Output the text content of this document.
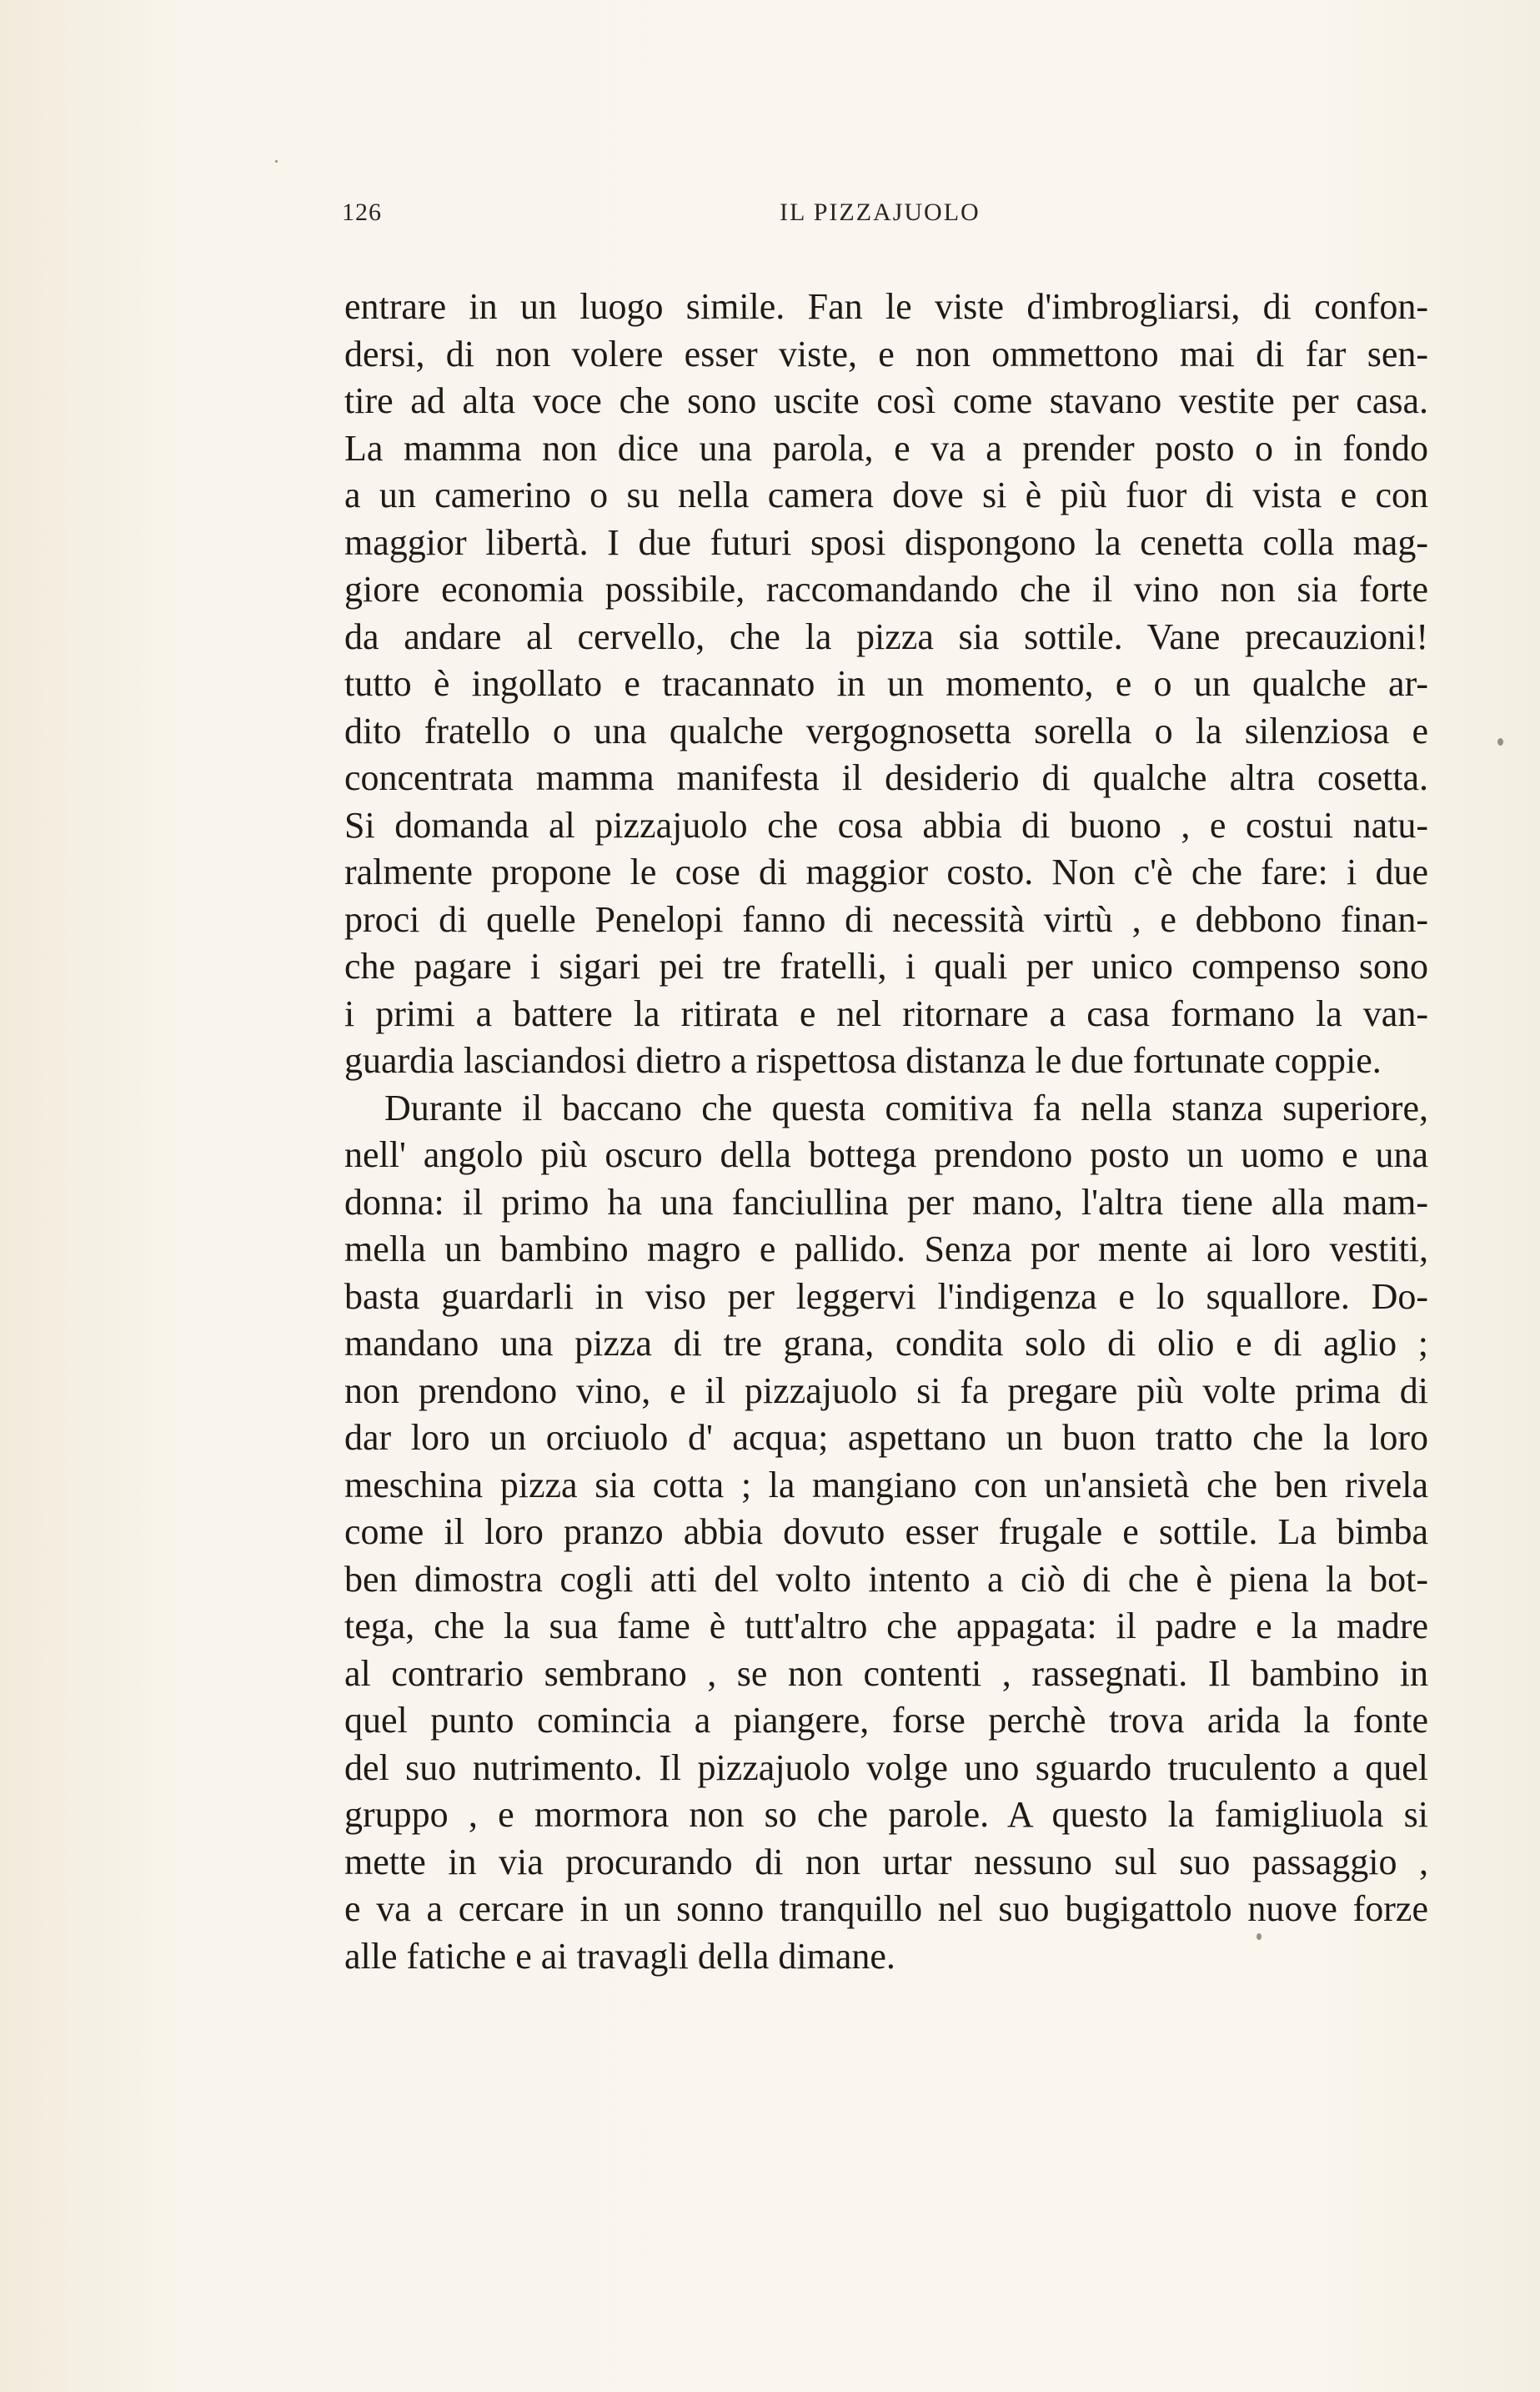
126	IL PIZZAJUOLO
entrare in un luogo simile. Fan le viste d'imbrogliarsi, di confon-
dersi, di non volere esser viste, e non ommettono mai di far sen-
tire ad alta voce che sono uscite così come stavano vestite per casa.
La mamma non dice una parola, e va a prender posto o in fondo
a un camerino o su nella camera dove si è più fuor di vista e con
maggior libertà. I due futuri sposi dispongono la cenetta colla mag-
giore economia possibile, raccomandando che il vino non sia forte
da andare al cervello, che la pizza sia sottile. Vane precauzioni!
tutto è ingollato e tracannato in un momento, e o un qualche ar-
dito fratello o una qualche vergognosetta sorella o la silenziosa e
concentrata mamma manifesta il desiderio di qualche altra cosetta.
Si domanda al pizzajuolo che cosa abbia di buono , e costui natu-
ralmente propone le cose di maggior costo. Non c'è che fare: i due
proci di quelle Penelopi fanno di necessità virtù , e debbono finan-
che pagare i sigari pei tre fratelli, i quali per unico compenso sono
i primi a battere la ritirata e nel ritornare a casa formano la van-
guardia lasciandosi dietro a rispettosa distanza le due fortunate coppie.
Durante il baccano che questa comitiva fa nella stanza superiore,
nell' angolo più oscuro della bottega prendono posto un uomo e una
donna: il primo ha una fanciullina per mano, l'altra tiene alla mam-
mella un bambino magro e pallido. Senza por mente ai loro vestiti,
basta guardarli in viso per leggervi l'indigenza e lo squallore. Do-
mandano una pizza di tre grana, condita solo di olio e di aglio ;
non prendono vino, e il pizzajuolo si fa pregare più volte prima di
dar loro un orciuolo d' acqua; aspettano un buon tratto che la loro
meschina pizza sia cotta ; la mangiano con un'ansietà che ben rivela
come il loro pranzo abbia dovuto esser frugale e sottile. La bimba
ben dimostra cogli atti del volto intento a ciò di che è piena la bot-
tega, che la sua fame è tutt'altro che appagata: il padre e la madre
al contrario sembrano , se non contenti , rassegnati. Il bambino in
quel punto comincia a piangere, forse perchè trova arida la fonte
del suo nutrimento. Il pizzajuolo volge uno sguardo truculento a quel
gruppo , e mormora non so che parole. A questo la famigliuola si
mette in via procurando di non urtar nessuno sul suo passaggio ,
e va a cercare in un sonno tranquillo nel suo bugigattolo nuove forze
alle fatiche e ai travagli della dimane.
